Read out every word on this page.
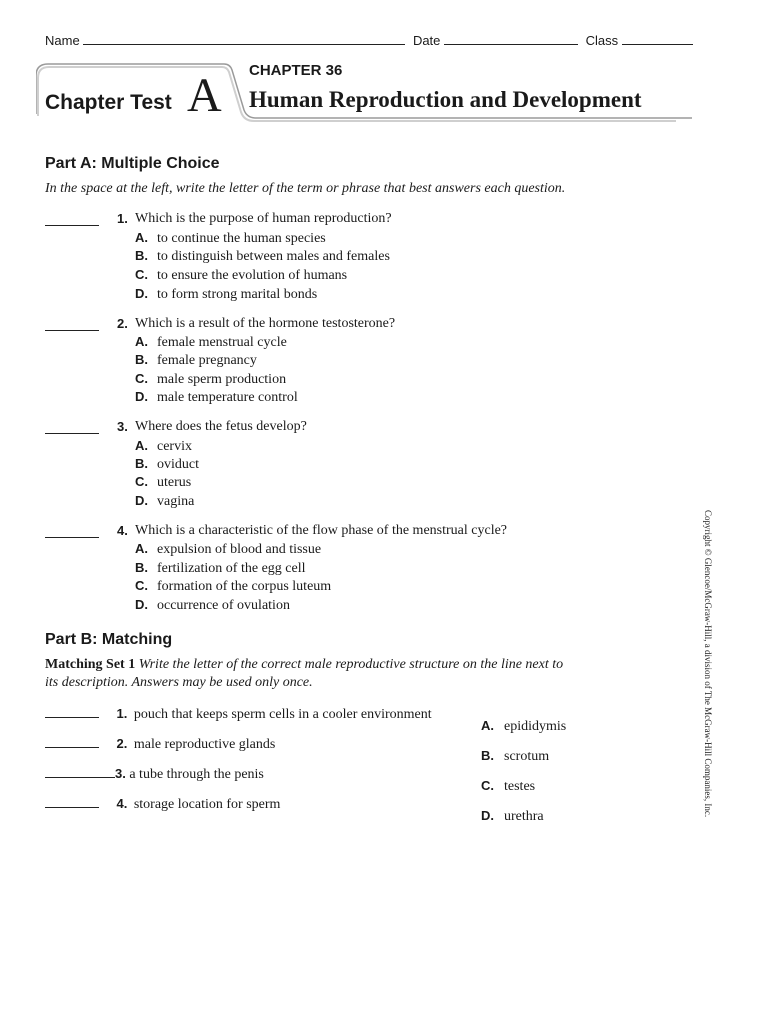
Name	Date	Class
CHAPTER 36
Chapter Test A Human Reproduction and Development
Part A: Multiple Choice
In the space at the left, write the letter of the term or phrase that best answers each question.
1. Which is the purpose of human reproduction?
A. to continue the human species
B. to distinguish between males and females
C. to ensure the evolution of humans
D. to form strong marital bonds
2. Which is a result of the hormone testosterone?
A. female menstrual cycle
B. female pregnancy
C. male sperm production
D. male temperature control
3. Where does the fetus develop?
A. cervix
B. oviduct
C. uterus
D. vagina
4. Which is a characteristic of the flow phase of the menstrual cycle?
A. expulsion of blood and tissue
B. fertilization of the egg cell
C. formation of the corpus luteum
D. occurrence of ovulation
Part B: Matching
Matching Set 1 Write the letter of the correct male reproductive structure on the line next to
its description. Answers may be used only once.
1. pouch that keeps sperm cells in a cooler environment
2. male reproductive glands
3. a tube through the penis
4. storage location for sperm
A. epididymis
B. scrotum
C. testes
D. urethra	Copyright © Glencoe/McGraw-Hill, a division of The McGraw-Hill Companies, Inc.
